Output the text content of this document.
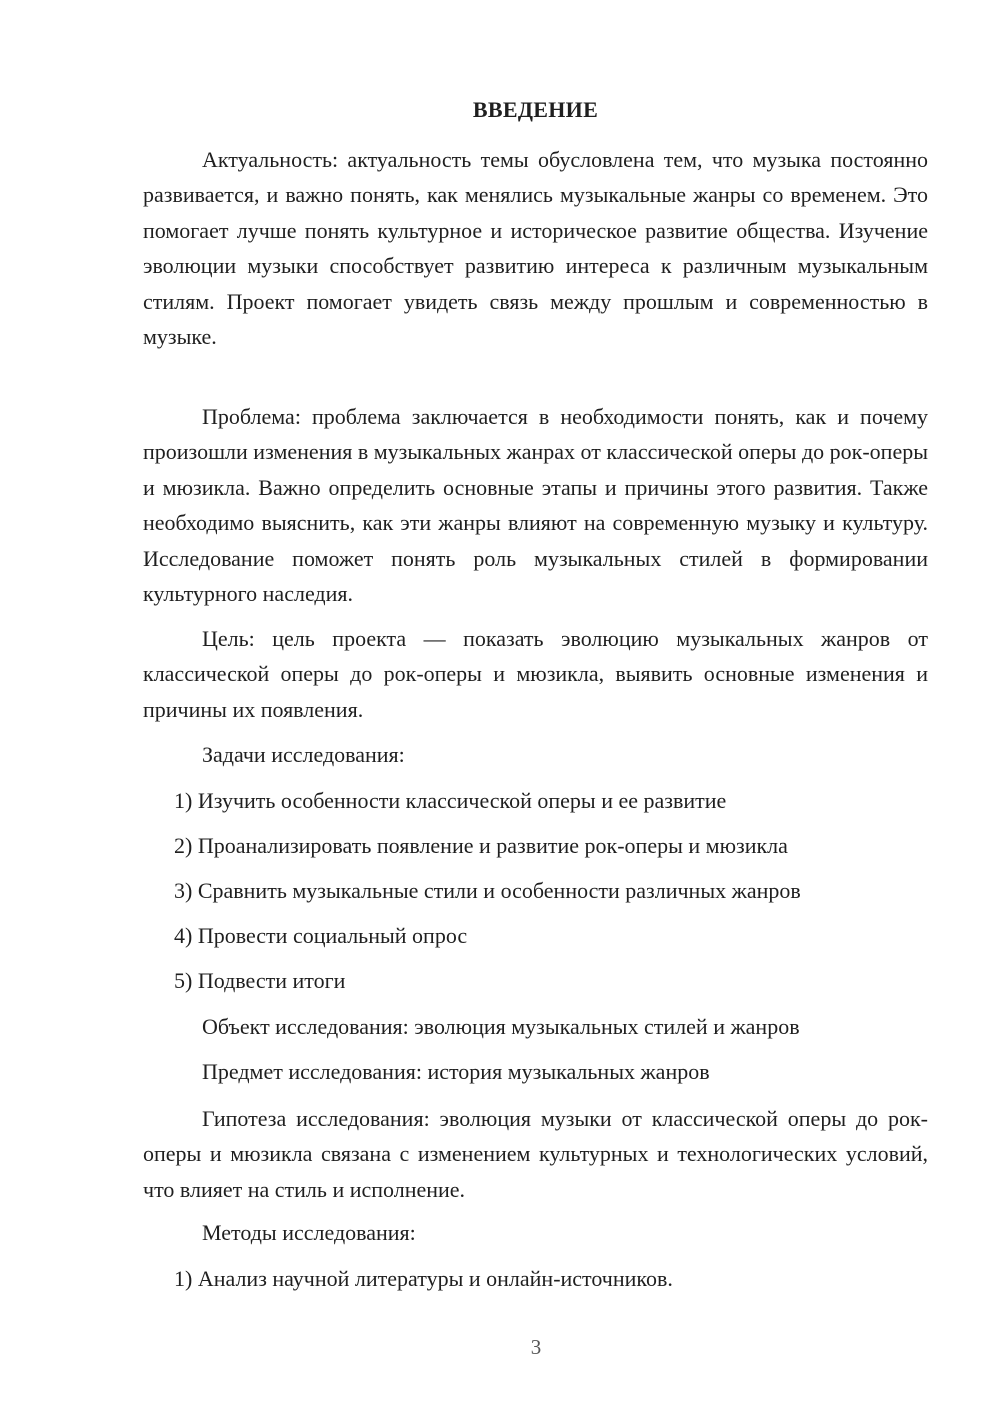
ВВЕДЕНИЕ
Актуальность: актуальность темы обусловлена тем, что музыка постоянно развивается, и важно понять, как менялись музыкальные жанры со временем. Это помогает лучше понять культурное и историческое развитие общества. Изучение эволюции музыки способствует развитию интереса к различным музыкальным стилям. Проект помогает увидеть связь между прошлым и современностью в музыке.
Проблема: проблема заключается в необходимости понять, как и почему произошли изменения в музыкальных жанрах от классической оперы до рок-оперы и мюзикла. Важно определить основные этапы и причины этого развития. Также необходимо выяснить, как эти жанры влияют на современную музыку и культуру. Исследование поможет понять роль музыкальных стилей в формировании культурного наследия.
Цель: цель проекта — показать эволюцию музыкальных жанров от классической оперы до рок-оперы и мюзикла, выявить основные изменения и причины их появления.
Задачи исследования:
1) Изучить особенности классической оперы и ее развитие
2) Проанализировать появление и развитие рок-оперы и мюзикла
3) Сравнить музыкальные стили и особенности различных жанров
4) Провести социальный опрос
5) Подвести итоги
Объект исследования: эволюция музыкальных стилей и жанров
Предмет исследования: история музыкальных жанров
Гипотеза исследования: эволюция музыки от классической оперы до рок-оперы и мюзикла связана с изменением культурных и технологических условий, что влияет на стиль и исполнение.
Методы исследования:
1) Анализ научной литературы и онлайн-источников.
3
